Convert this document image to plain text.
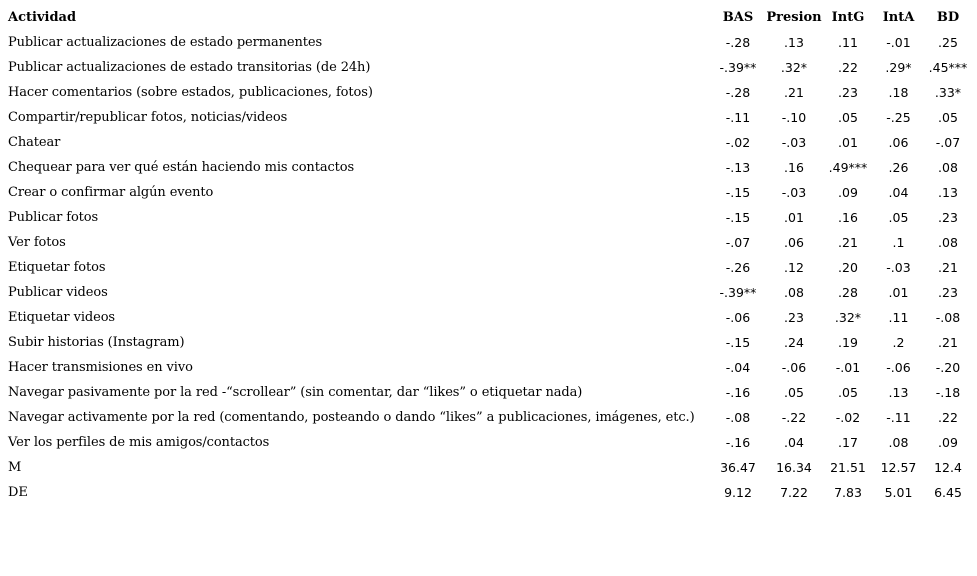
Actividad	BAS	Presion	IntG	IntA	BD
Publicar actualizaciones de estado permanentes	-.28	.13	.11	-.01	.25
Publicar actualizaciones de estado transitorias (de 24h)	-.39**	.32*	.22	.29*	.45***
Hacer comentarios (sobre estados, publicaciones, fotos)	-.28	.21	.23	.18	.33*
Compartir/republicar fotos, noticias/videos	-.11	-.10	.05	-.25	.05
Chatear	-.02	-.03	.01	.06	-.07
Chequear para ver qué están haciendo mis contactos	-.13	.16	.49***	.26	.08
Crear o confirmar algún evento	-.15	-.03	.09	.04	.13
Publicar fotos	-.15	.01	.16	.05	.23
Ver fotos	-.07	.06	.21	.1	.08
Etiquetar fotos	-.26	.12	.20	-.03	.21
Publicar videos	-.39**	.08	.28	.01	.23
Etiquetar videos	-.06	.23	.32*	.11	-.08
Subir historias (Instagram)	-.15	.24	.19	.2	.21
Hacer transmisiones en vivo	-.04	-.06	-.01	-.06	-.20
Navegar pasivamente por la red -“scrollear” (sin comentar, dar “likes” o etiquetar nada)	-.16	.05	.05	.13	-.18
Navegar activamente por la red (comentando, posteando o dando “likes” a publicaciones, imágenes, etc.)	-.08	-.22	-.02	-.11	.22
Ver los perfiles de mis amigos/contactos	-.16	.04	.17	.08	.09
M	36.47	16.34	21.51	12.57	12.4
DE	9.12	7.22	7.83	5.01	6.45
